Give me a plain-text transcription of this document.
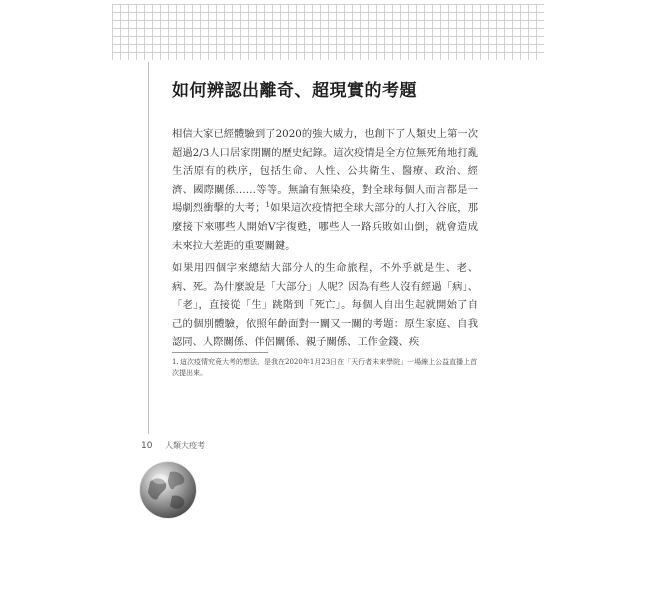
如何辨認出離奇、超現實的考題

相信大家已經體驗到了2020的強大威力，也創下了人類史上第一次超過2/3人口居家閉關的歷史紀錄。這次疫情是全方位無死角地打亂生活原有的秩序，包括生命、人性、公共衛生、醫療、政治、經濟、國際關係……等等。無論有無染疫，對全球每個人而言都是一場劇烈衝擊的大考；$^1$如果這次疫情把全球大部分的人打入谷底，那麼接下來哪些人開始V字復甦，哪些人一路兵敗如山倒，就會造成未來拉大差距的重要關鍵。

如果用四個字來總結大部分人的生命旅程，不外乎就是生、老、病、死。為什麼說是「大部分」人呢？因為有些人沒有經過「病」、「老」，直接從「生」跳階到「死亡」。每個人自出生起就開始了自己的個別體驗，依照年齡面對一關又一關的考題：原生家庭、自我認同、人際關係、伴侶關係、親子關係、工作金錢、疾

1.這次疫情究竟大考的想法，是我在2020年1月23日在「天行者未來學院」一場線上公益直播上首次提出來。

10 人類大疫考
